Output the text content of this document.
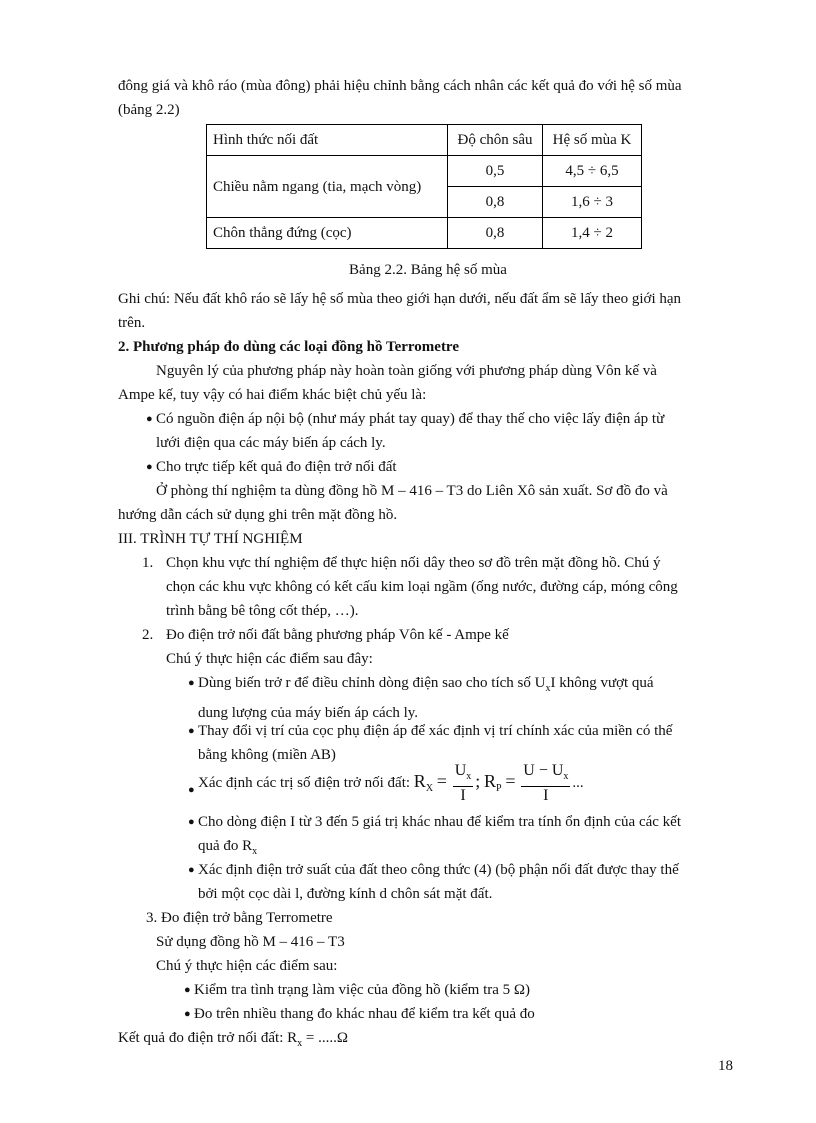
đông giá và khô ráo (mùa đông) phải hiệu chỉnh bằng cách nhân các kết quả đo với hệ số mùa

(bảng 2.2)

Hình thức nối đất	Độ chôn sâu	Hệ số mùa K
Chiều nằm ngang (tia, mạch vòng)	0,5	4,5 ÷ 6,5
	0,8	1,6 ÷ 3
Chôn thẳng đứng (cọc)	0,8	1,4 ÷ 2
Bảng 2.2. Bảng hệ số mùa

Ghi chú: Nếu đất khô ráo sẽ lấy hệ số mùa theo giới hạn dưới, nếu đất ẩm sẽ lấy theo giới hạn

trên.

2. Phương pháp đo dùng các loại đồng hồ Terrometre

Nguyên lý của phương pháp này hoàn toàn giống với phương pháp dùng Vôn kế và

Ampe kế, tuy vậy có hai điểm khác biệt chủ yếu là:

● Có nguồn điện áp nội bộ (như máy phát tay quay) để thay thế cho việc lấy điện áp từ
lưới điện qua các máy biến áp cách ly.
● Cho trực tiếp kết quả đo điện trở nối đất

Ở phòng thí nghiệm ta dùng đồng hồ M – 416 – T3 do Liên Xô sản xuất. Sơ đồ đo và

hướng dẫn cách sử dụng ghi trên mặt đồng hồ.

III. TRÌNH TỰ THÍ NGHIỆM

1. Chọn khu vực thí nghiệm để thực hiện nối dây theo sơ đồ trên mặt đồng hồ. Chú ý

chọn các khu vực không có kết cấu kim loại ngầm (ống nước, đường cáp, móng công

trình bằng bê tông cốt thép, …).

2. Đo điện trở nối đất bằng phương pháp Vôn kế - Ampe kế

Chú ý thực hiện các điểm sau đây:

● Dùng biến trở r để điều chỉnh dòng điện sao cho tích số $U_xI$ không vượt quá
dung lượng của máy biến áp cách ly.
● Thay đổi vị trí của cọc phụ điện áp để xác định vị trí chính xác của miền có thế
bằng không (miền AB)
● Xác định các trị số điện trở nối đất: $R_X = \frac{U_x}{I}$ ; $R_P = \frac{U - U_x}{I}$ ...
● Cho dòng điện I từ 3 đến 5 giá trị khác nhau để kiểm tra tính ổn định của các kết
quả đo $R_x$
● Xác định điện trở suất của đất theo công thức (4) (bộ phận nối đất được thay thế
bởi một cọc dài l, đường kính d chôn sát mặt đất.

3. Đo điện trở bằng Terrometre

Sử dụng đồng hồ M – 416 – T3

Chú ý thực hiện các điểm sau:

● Kiểm tra tình trạng làm việc của đồng hồ (kiểm tra 5 Ω)
● Đo trên nhiều thang đo khác nhau để kiểm tra kết quả đo

Kết quả đo điện trở nối đất: $R_x = .....\Omega$

18
